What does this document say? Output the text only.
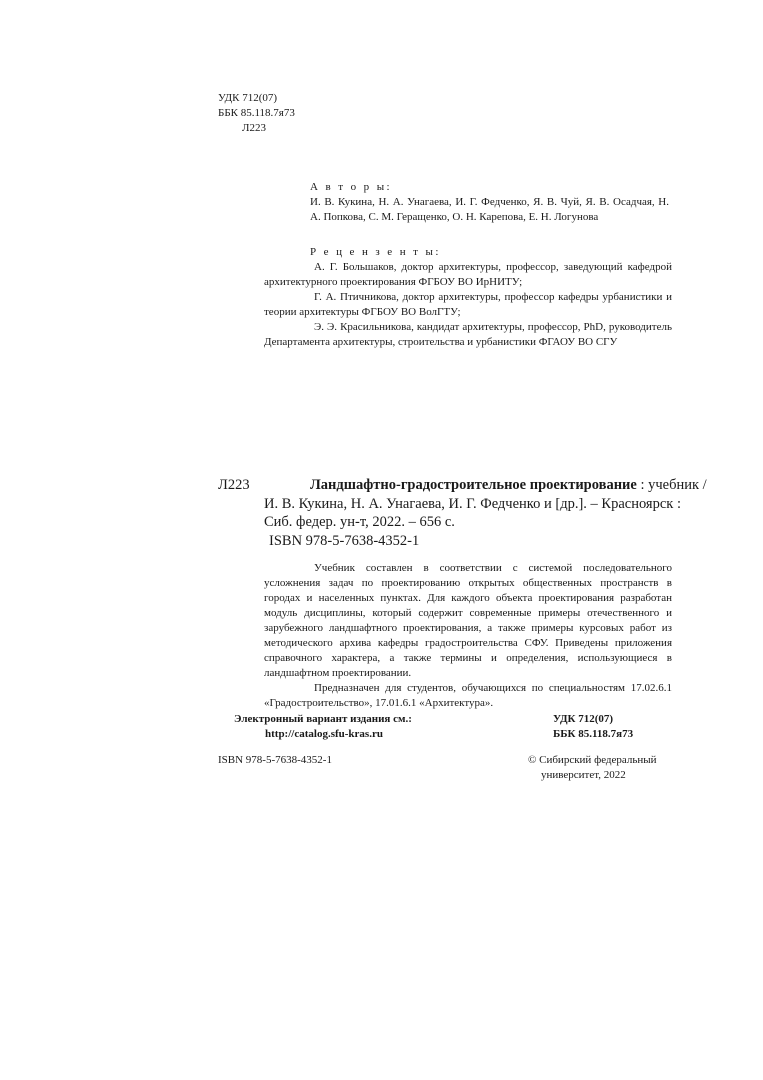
УДК 712(07)
ББК 85.118.7я73
Л223
А в т о р ы:
И. В. Кукина, Н. А. Унагаева, И. Г. Федченко, Я. В. Чуй, Я. В. Осадчая, Н. А. Попкова, С. М. Геращенко, О. Н. Карепова, Е. Н. Логунова
Р е ц е н з е н т ы:
А. Г. Большаков, доктор архитектуры, профессор, заведующий кафедрой архитектурного проектирования ФГБОУ ВО ИрНИТУ;
Г. А. Птичникова, доктор архитектуры, профессор кафедры урбанистики и теории архитектуры ФГБОУ ВО ВолГТУ;
Э. Э. Красильникова, кандидат архитектуры, профессор, PhD, руководитель Департамента архитектуры, строительства и урбанистики ФГАОУ ВО СГУ
Л223	Ландшафтно-градостроительное проектирование : учебник /
И. В. Кукина, Н. А. Унагаева, И. Г. Федченко и [др.]. – Красноярск :
Сиб. федер. ун-т, 2022. – 656 с.
ISBN 978-5-7638-4352-1
Учебник составлен в соответствии с системой последовательного усложнения задач по проектированию открытых общественных пространств в городах и населенных пунктах. Для каждого объекта проектирования разработан модуль дисциплины, который содержит современные примеры отечественного и зарубежного ландшафтного проектирования, а также примеры курсовых работ из методического архива кафедры градостроительства СФУ. Приведены приложения справочного характера, а также термины и определения, использующиеся в ландшафтном проектировании.
Предназначен для студентов, обучающихся по специальностям 17.02.6.1 «Градостроительство», 17.01.6.1 «Архитектура».
Электронный вариант издания см.:
http://catalog.sfu-kras.ru
УДК 712(07)
ББК 85.118.7я73
ISBN 978-5-7638-4352-1	© Сибирский федеральный
университет, 2022
